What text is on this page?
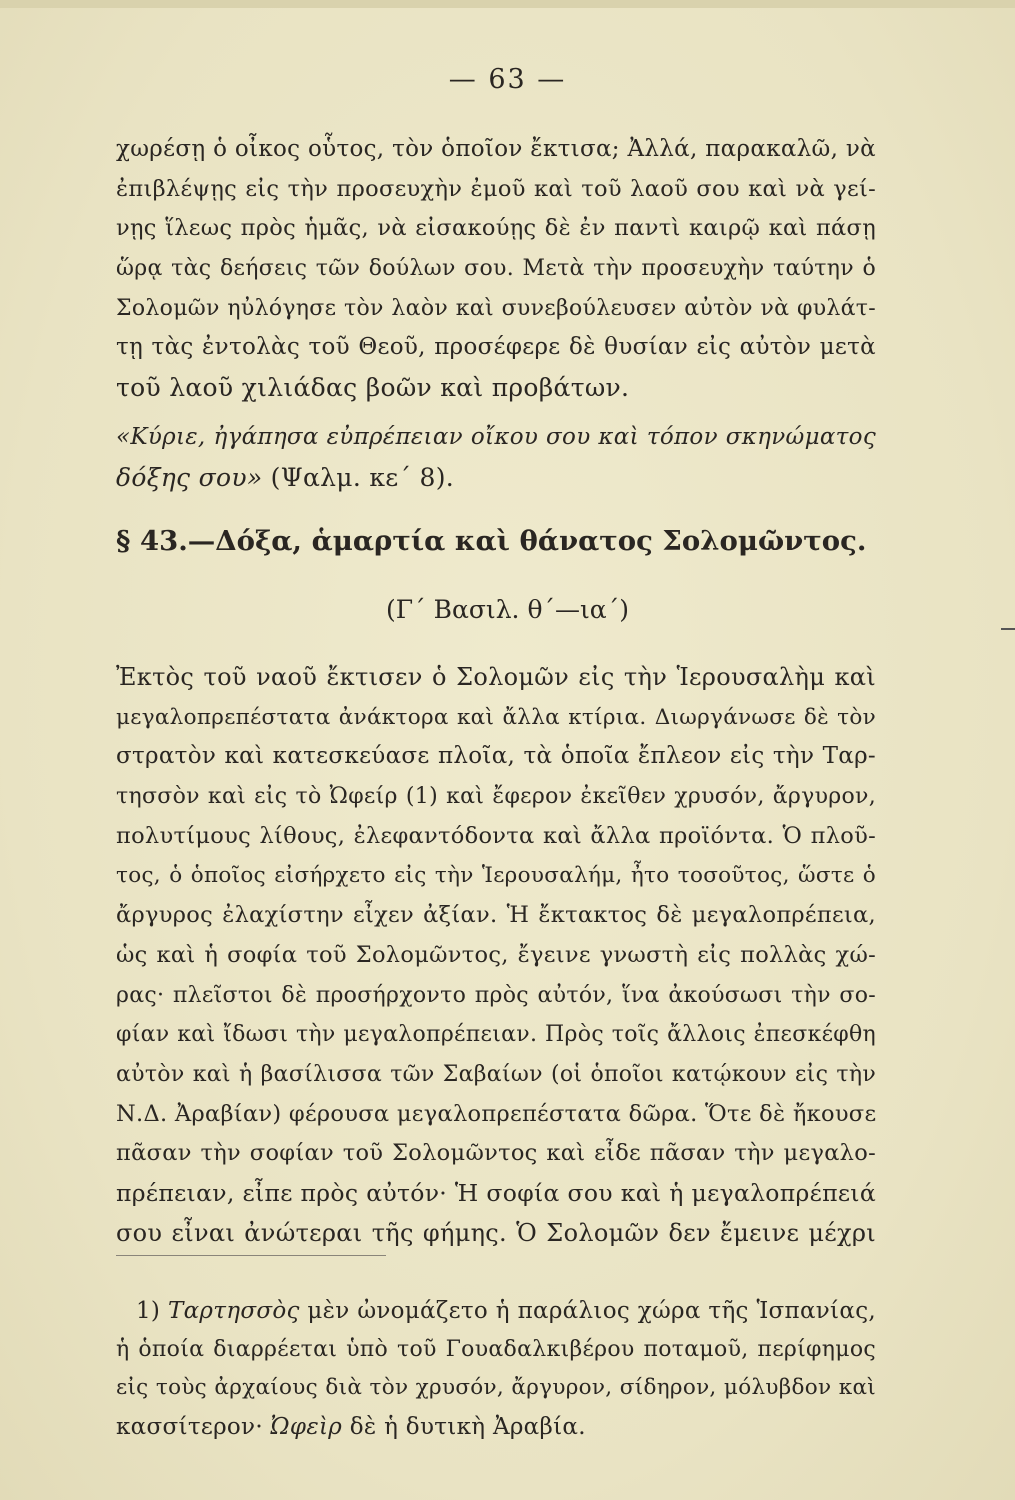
— 63 —
χωρέσῃ ὁ οἶκος οὗτος, τὸν ὁποῖον ἔκτισα; Ἀλλά, παρακαλῶ, νὰ
ἐπιβλέψῃς εἰς τὴν προσευχὴν ἐμοῦ καὶ τοῦ λαοῦ σου καὶ νὰ γεί-
νῃς ἵλεως πρὸς ἡμᾶς, νὰ εἰσακούῃς δὲ ἐν παντὶ καιρῷ καὶ πάσῃ
ὥρᾳ τὰς δεήσεις τῶν δούλων σου. Μετὰ τὴν προσευχὴν ταύτην ὁ
Σολομῶν ηὐλόγησε τὸν λαὸν καὶ συνεβούλευσεν αὐτὸν νὰ φυλάτ-
τῃ τὰς ἐντολὰς τοῦ Θεοῦ, προσέφερε δὲ θυσίαν εἰς αὐτὸν μετὰ
τοῦ λαοῦ χιλιάδας βοῶν καὶ προβάτων.
«Κύριε, ἠγάπησα εὐπρέπειαν οἴκου σου καὶ τόπον σκηνώματος
δόξης σου» (Ψαλμ. κε΄ 8).
§ 43.—Δόξα, ἁμαρτία καὶ θάνατος Σολομῶντος.
(Γ΄ Βασιλ. θ΄—ια΄)
Ἐκτὸς τοῦ ναοῦ ἔκτισεν ὁ Σολομῶν εἰς τὴν Ἱερουσαλὴμ καὶ
μεγαλοπρεπέστατα ἀνάκτορα καὶ ἄλλα κτίρια. Διωργάνωσε δὲ τὸν
στρατὸν καὶ κατεσκεύασε πλοῖα, τὰ ὁποῖα ἔπλεον εἰς τὴν Ταρ-
τησσὸν καὶ εἰς τὸ Ὠφείρ (1) καὶ ἔφερον ἐκεῖθεν χρυσόν, ἄργυρον,
πολυτίμους λίθους, ἐλεφαντόδοντα καὶ ἄλλα προϊόντα. Ὁ πλοῦ-
τος, ὁ ὁποῖος εἰσήρχετο εἰς τὴν Ἱερουσαλήμ, ἦτο τοσοῦτος, ὥστε ὁ
ἄργυρος ἐλαχίστην εἶχεν ἀξίαν. Ἡ ἔκτακτος δὲ μεγαλοπρέπεια,
ὡς καὶ ἡ σοφία τοῦ Σολομῶντος, ἔγεινε γνωστὴ εἰς πολλὰς χώ-
ρας· πλεῖστοι δὲ προσήρχοντο πρὸς αὐτόν, ἵνα ἀκούσωσι τὴν σο-
φίαν καὶ ἴδωσι τὴν μεγαλοπρέπειαν. Πρὸς τοῖς ἄλλοις ἐπεσκέφθη
αὐτὸν καὶ ἡ βασίλισσα τῶν Σαβαίων (οἱ ὁποῖοι κατῴκουν εἰς τὴν
Ν.Δ. Ἀραβίαν) φέρουσα μεγαλοπρεπέστατα δῶρα. Ὅτε δὲ ἤκουσε
πᾶσαν τὴν σοφίαν τοῦ Σολομῶντος καὶ εἶδε πᾶσαν τὴν μεγαλο-
πρέπειαν, εἶπε πρὸς αὐτόν· Ἡ σοφία σου καὶ ἡ μεγαλοπρέπειά
σου εἶναι ἀνώτεραι τῆς φήμης. Ὁ Σολομῶν δεν ἔμεινε μέχρι
1) Ταρτησσὸς μὲν ὠνομάζετο ἡ παράλιος χώρα τῆς Ἱσπανίας,
ἡ ὁποία διαρρέεται ὑπὸ τοῦ Γουαδαλκιβέρου ποταμοῦ, περίφημος
εἰς τοὺς ἀρχαίους διὰ τὸν χρυσόν, ἄργυρον, σίδηρον, μόλυβδον καὶ
κασσίτερον· Ὠφεὶρ δὲ ἡ δυτικὴ Ἀραβία.
